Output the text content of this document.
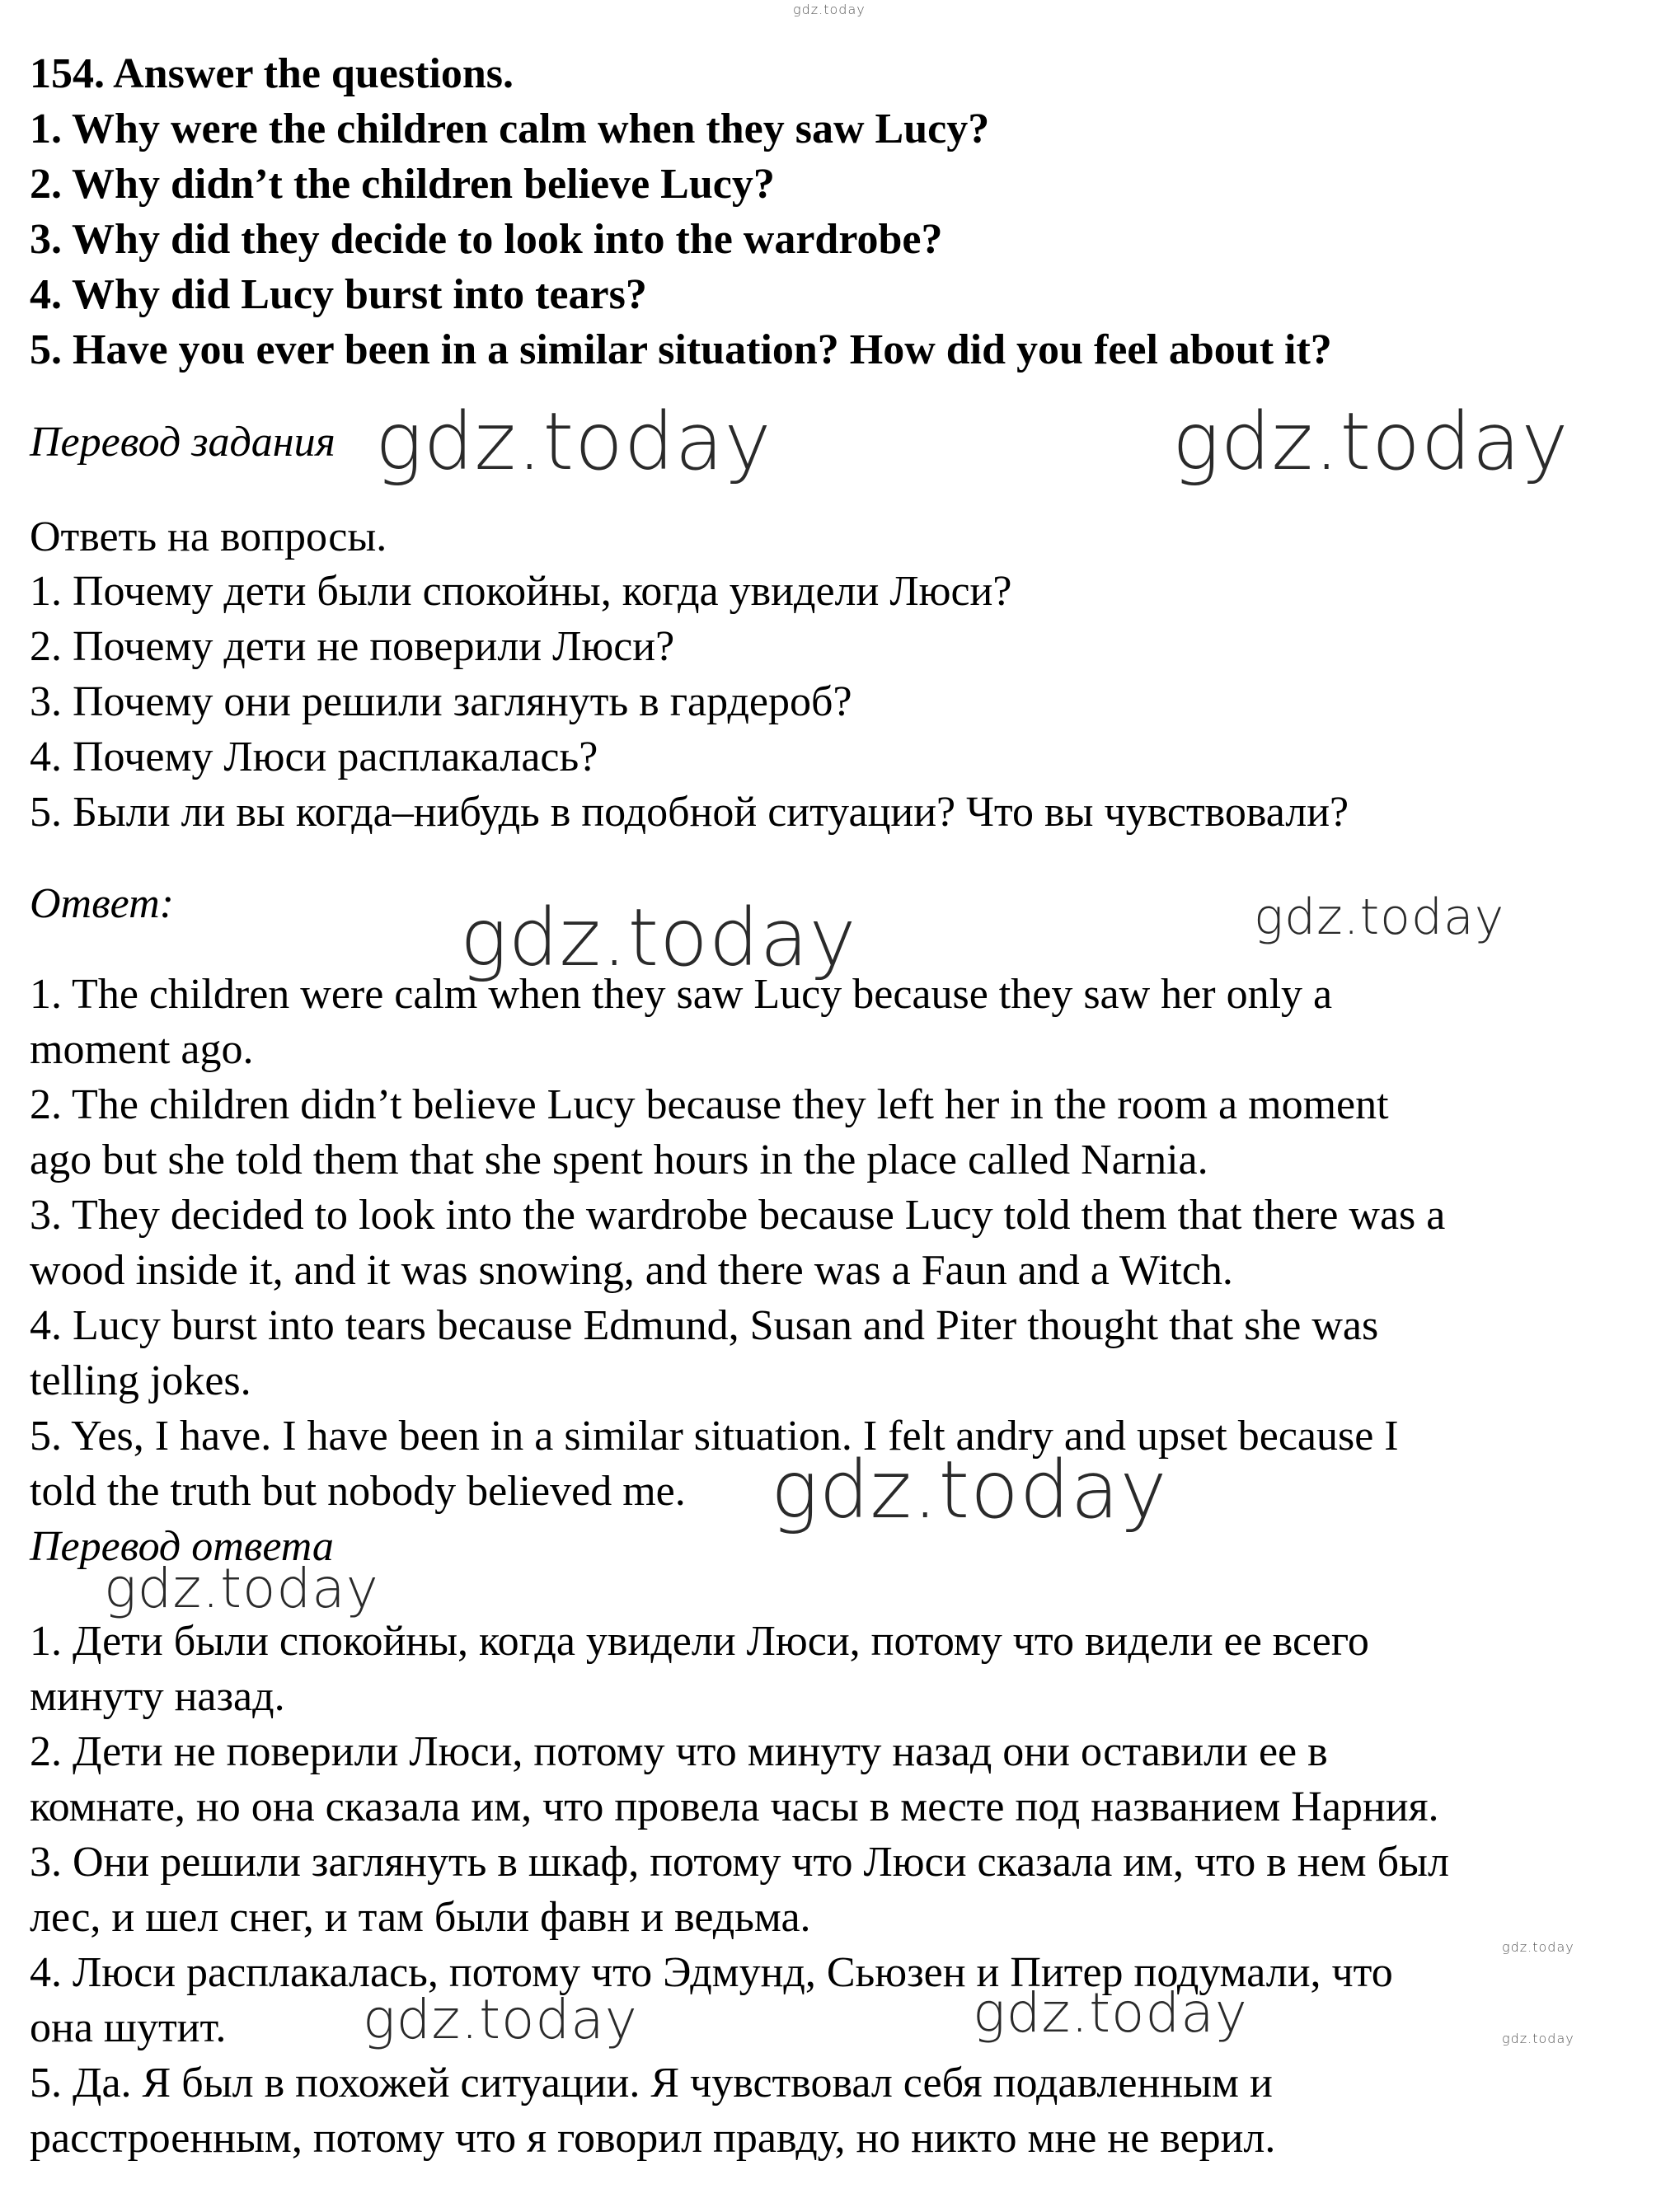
gdz.today
154. Answer the questions.
1. Why were the children calm when they saw Lucy?
2. Why didn’t the children believe Lucy?
3. Why did they decide to look into the wardrobe?
4. Why did Lucy burst into tears?
5. Have you ever been in a similar situation? How did you feel about it?
Перевод задания gdz.today	gdz.today
Ответь на вопросы.
1. Почему дети были спокойны, когда увидели Люси?
2. Почему дети не поверили Люси?
3. Почему они решили заглянуть в гардероб?
4. Почему Люси расплакалась?
5. Были ли вы когда–нибудь в подобной ситуации? Что вы чувствовали?
Ответ:	gdz.today	gdz.today
1. The children were calm when they saw Lucy because they saw her only a
moment ago.
2. The children didn’t believe Lucy because they left her in the room a moment
ago but she told them that she spent hours in the place called Narnia.
3. They decided to look into the wardrobe because Lucy told them that there was a
wood inside it, and it was snowing, and there was a Faun and a Witch.
4. Lucy burst into tears because Edmund, Susan and Piter thought that she was
telling jokes.
5. Yes, I have. I have been in a similar situation. I felt andry and upset because I
told the truth but nobody believed me. gdz.today
Перевод ответа
gdz.today
1. Дети были спокойны, когда увидели Люси, потому что видели ее всего
минуту назад.
2. Дети не поверили Люси, потому что минуту назад они оставили ее в
комнате, но она сказала им, что провела часы в месте под названием Нарния.
3. Они решили заглянуть в шкаф, потому что Люси сказала им, что в нем был
лес, и шел снег, и там были фавн и ведьма.
4. Люси расплакалась, потому что Эдмунд, Сьюзен и Питер подумали, что
она шутит.	gdz.today	gdz.today
gdz.today
gdz.today
5. Да. Я был в похожей ситуации. Я чувствовал себя подавленным и
расстроенным, потому что я говорил правду, но никто мне не верил.
